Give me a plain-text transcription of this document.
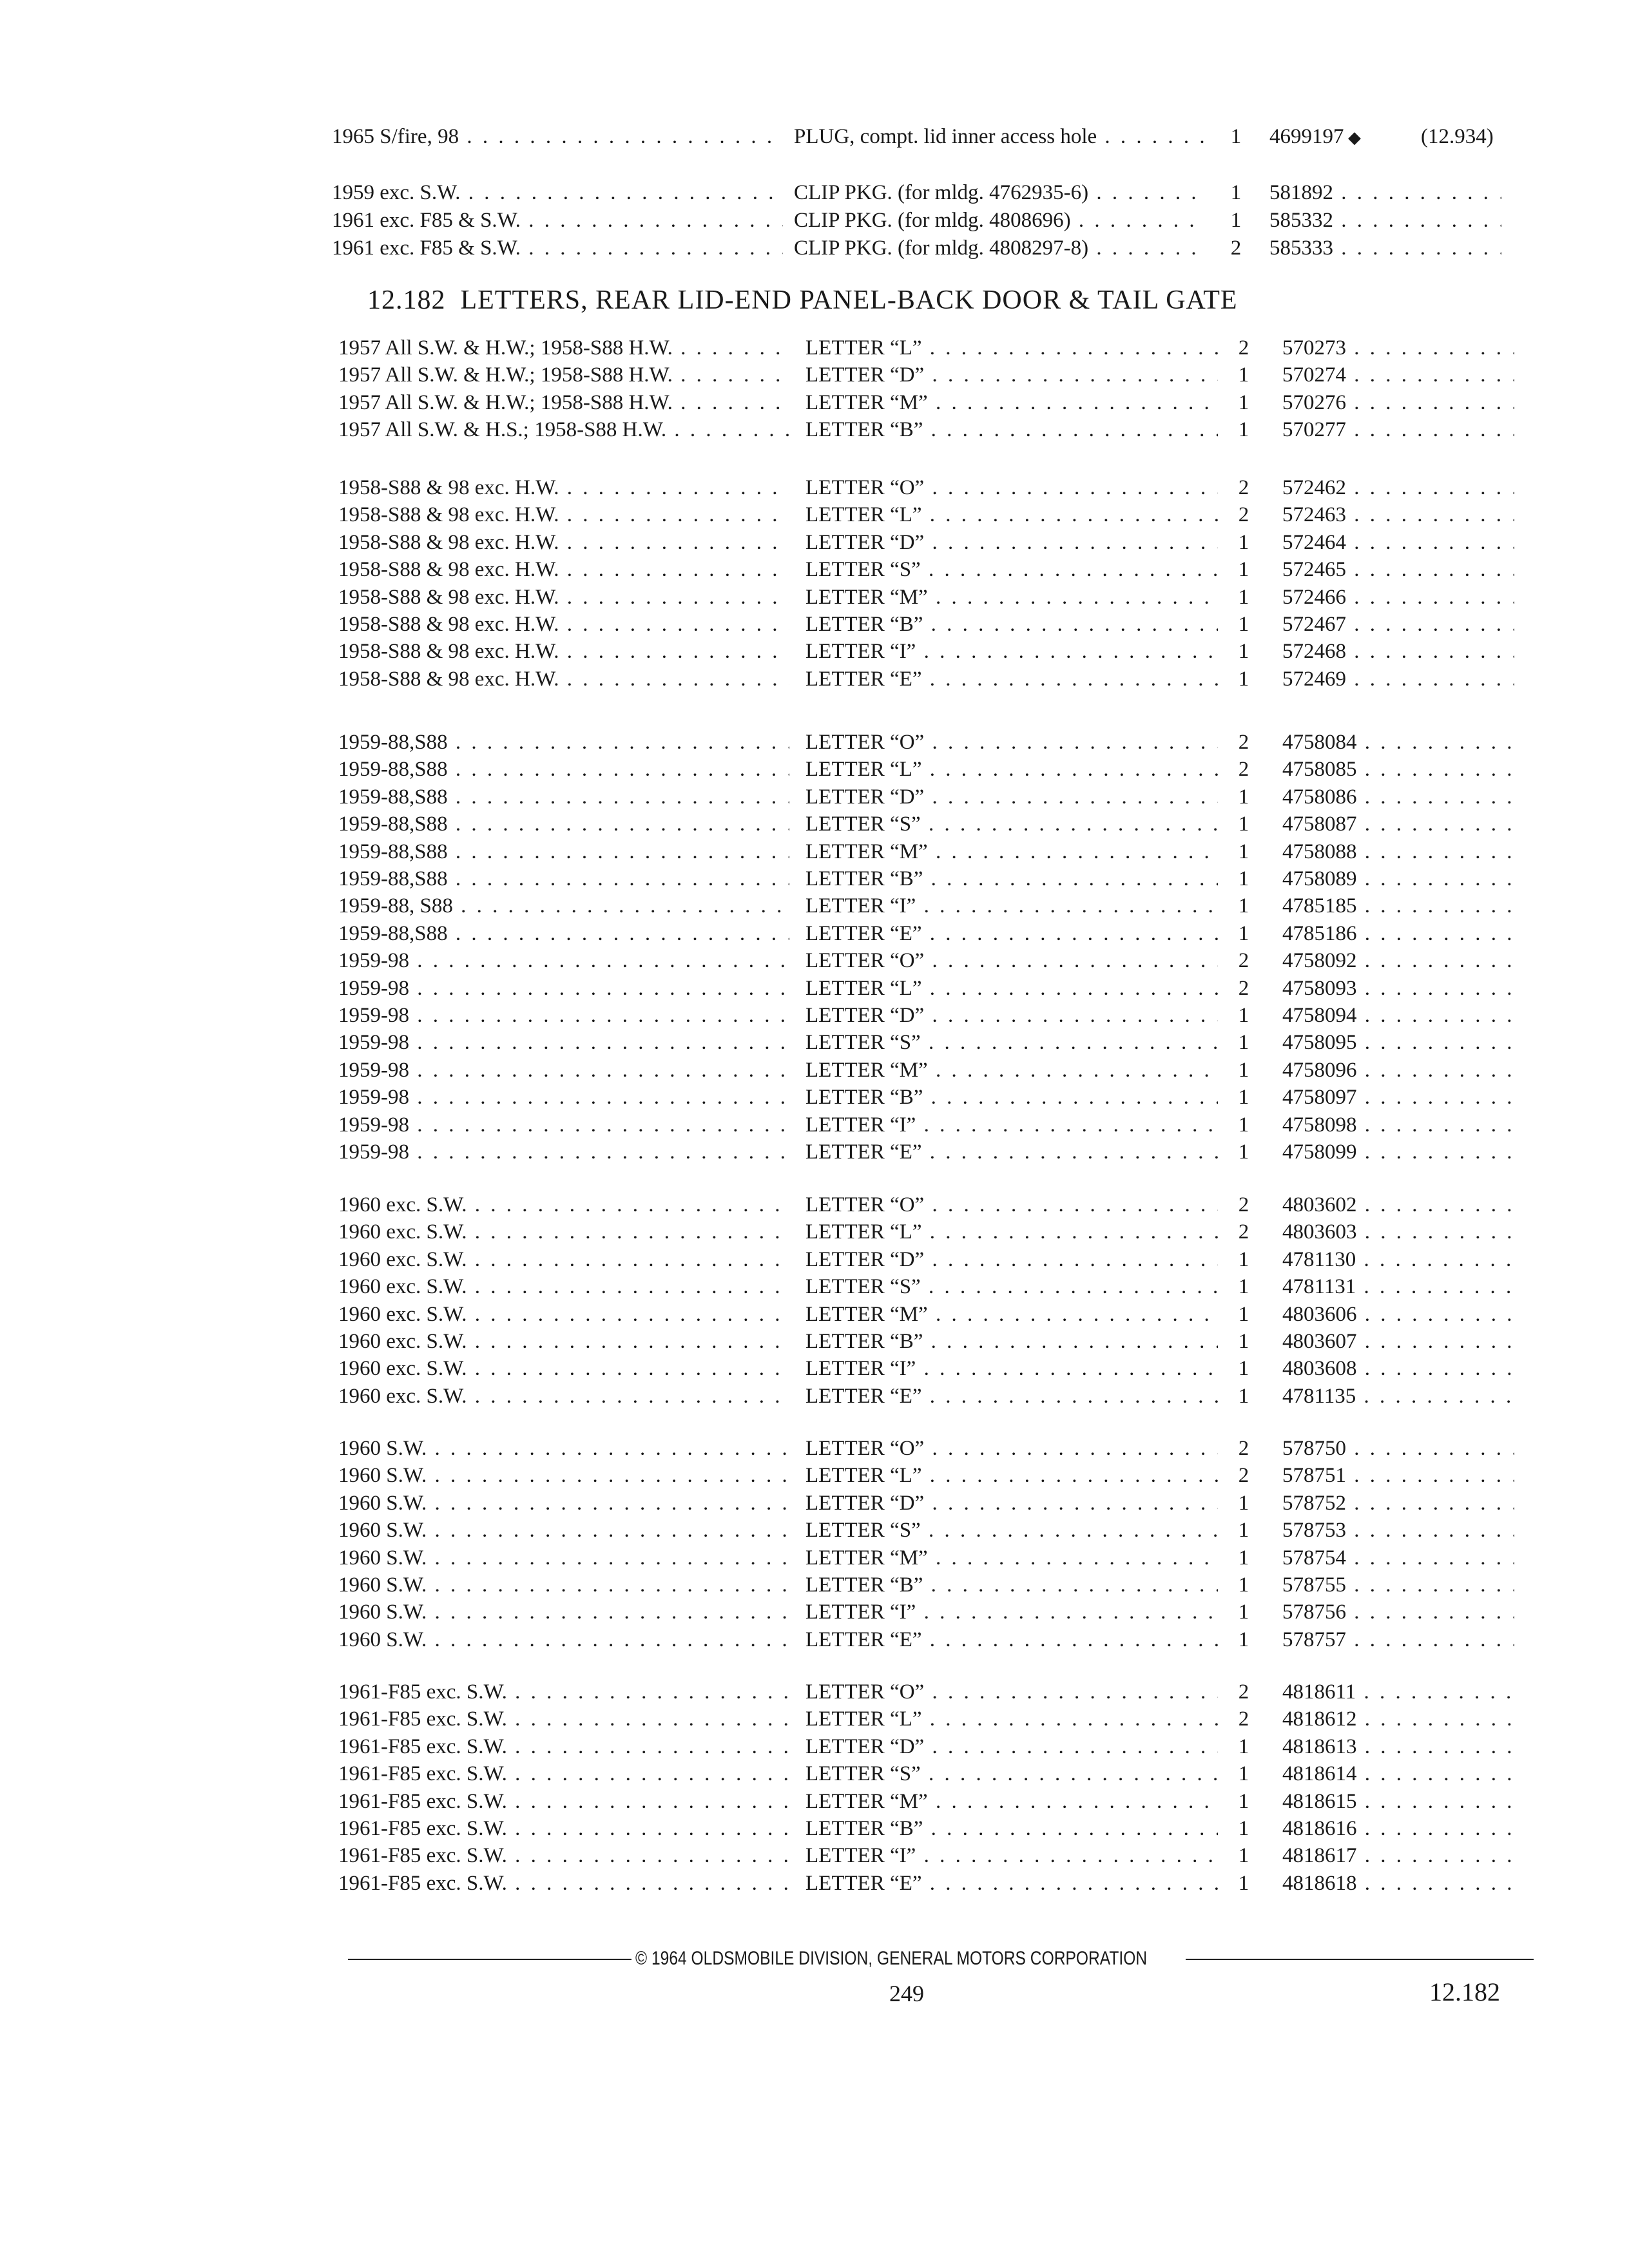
1965 S/fire, 98 . . .	PLUG, compt. lid inner access hole . . .	1	4699197 ◆	(12.934)
1959 exc. S.W. . . .	CLIP PKG. (for mldg. 4762935-6) . . .	1	581892 . . .
1961 exc. F85 & S.W. . . .	CLIP PKG. (for mldg. 4808696) . . .	1	585332 . . .
1961 exc. F85 & S.W. . . .	CLIP PKG. (for mldg. 4808297-8) . . .	2	585333 . . .
12.182 LETTERS, REAR LID-END PANEL-BACK DOOR & TAIL GATE
1957 All S.W. & H.W.; 1958-S88 H.W. . . .	LETTER “L” . . .	2	570273 . . .
1957 All S.W. & H.W.; 1958-S88 H.W. . . .	LETTER “D” . . .	1	570274 . . .
1957 All S.W. & H.W.; 1958-S88 H.W. . . .	LETTER “M” . . .	1	570276 . . .
1957 All S.W. & H.S.; 1958-S88 H.W. . . .	LETTER “B” . . .	1	570277 . . .
1958-S88 & 98 exc. H.W. . . .	LETTER “O” . . .	2	572462 . . .
1958-S88 & 98 exc. H.W. . . .	LETTER “L” . . .	2	572463 . . .
1958-S88 & 98 exc. H.W. . . .	LETTER “D” . . .	1	572464 . . .
1958-S88 & 98 exc. H.W. . . .	LETTER “S” . . .	1	572465 . . .
1958-S88 & 98 exc. H.W. . . .	LETTER “M” . . .	1	572466 . . .
1958-S88 & 98 exc. H.W. . . .	LETTER “B” . . .	1	572467 . . .
1958-S88 & 98 exc. H.W. . . .	LETTER “I” . . .	1	572468 . . .
1958-S88 & 98 exc. H.W. . . .	LETTER “E” . . .	1	572469 . . .
1959-88,S88 . . .	LETTER “O” . . .	2	4758084 . . .
1959-88,S88 . . .	LETTER “L” . . .	2	4758085 . . .
1959-88,S88 . . .	LETTER “D” . . .	1	4758086 . . .
1959-88,S88 . . .	LETTER “S” . . .	1	4758087 . . .
1959-88,S88 . . .	LETTER “M” . . .	1	4758088 . . .
1959-88,S88 . . .	LETTER “B” . . .	1	4758089 . . .
1959-88, S88 . . .	LETTER “I” . . .	1	4785185 . . .
1959-88,S88 . . .	LETTER “E” . . .	1	4785186 . . .
1959-98 . . .	LETTER “O” . . .	2	4758092 . . .
1959-98 . . .	LETTER “L” . . .	2	4758093 . . .
1959-98 . . .	LETTER “D” . . .	1	4758094 . . .
1959-98 . . .	LETTER “S” . . .	1	4758095 . . .
1959-98 . . .	LETTER “M” . . .	1	4758096 . . .
1959-98 . . .	LETTER “B” . . .	1	4758097 . . .
1959-98 . . .	LETTER “I” . . .	1	4758098 . . .
1959-98 . . .	LETTER “E” . . .	1	4758099 . . .
1960 exc. S.W. . . .	LETTER “O” . . .	2	4803602 . . .
1960 exc. S.W. . . .	LETTER “L” . . .	2	4803603 . . .
1960 exc. S.W. . . .	LETTER “D” . . .	1	4781130 . . .
1960 exc. S.W. . . .	LETTER “S” . . .	1	4781131 . . .
1960 exc. S.W. . . .	LETTER “M” . . .	1	4803606 . . .
1960 exc. S.W. . . .	LETTER “B” . . .	1	4803607 . . .
1960 exc. S.W. . . .	LETTER “I” . . .	1	4803608 . . .
1960 exc. S.W. . . .	LETTER “E” . . .	1	4781135 . . .
1960 S.W. . . .	LETTER “O” . . .	2	578750 . . .
1960 S.W. . . .	LETTER “L” . . .	2	578751 . . .
1960 S.W. . . .	LETTER “D” . . .	1	578752 . . .
1960 S.W. . . .	LETTER “S” . . .	1	578753 . . .
1960 S.W. . . .	LETTER “M” . . .	1	578754 . . .
1960 S.W. . . .	LETTER “B” . . .	1	578755 . . .
1960 S.W. . . .	LETTER “I” . . .	1	578756 . . .
1960 S.W. . . .	LETTER “E” . . .	1	578757 . . .
1961-F85 exc. S.W. . . .	LETTER “O” . . .	2	4818611 . . .
1961-F85 exc. S.W. . . .	LETTER “L” . . .	2	4818612 . . .
1961-F85 exc. S.W. . . .	LETTER “D” . . .	1	4818613 . . .
1961-F85 exc. S.W. . . .	LETTER “S” . . .	1	4818614 . . .
1961-F85 exc. S.W. . . .	LETTER “M” . . .	1	4818615 . . .
1961-F85 exc. S.W. . . .	LETTER “B” . . .	1	4818616 . . .
1961-F85 exc. S.W. . . .	LETTER “I” . . .	1	4818617 . . .
1961-F85 exc. S.W. . . .	LETTER “E” . . .	1	4818618 . . .
© 1964 OLDSMOBILE DIVISION, GENERAL MOTORS CORPORATION
249	12.182
